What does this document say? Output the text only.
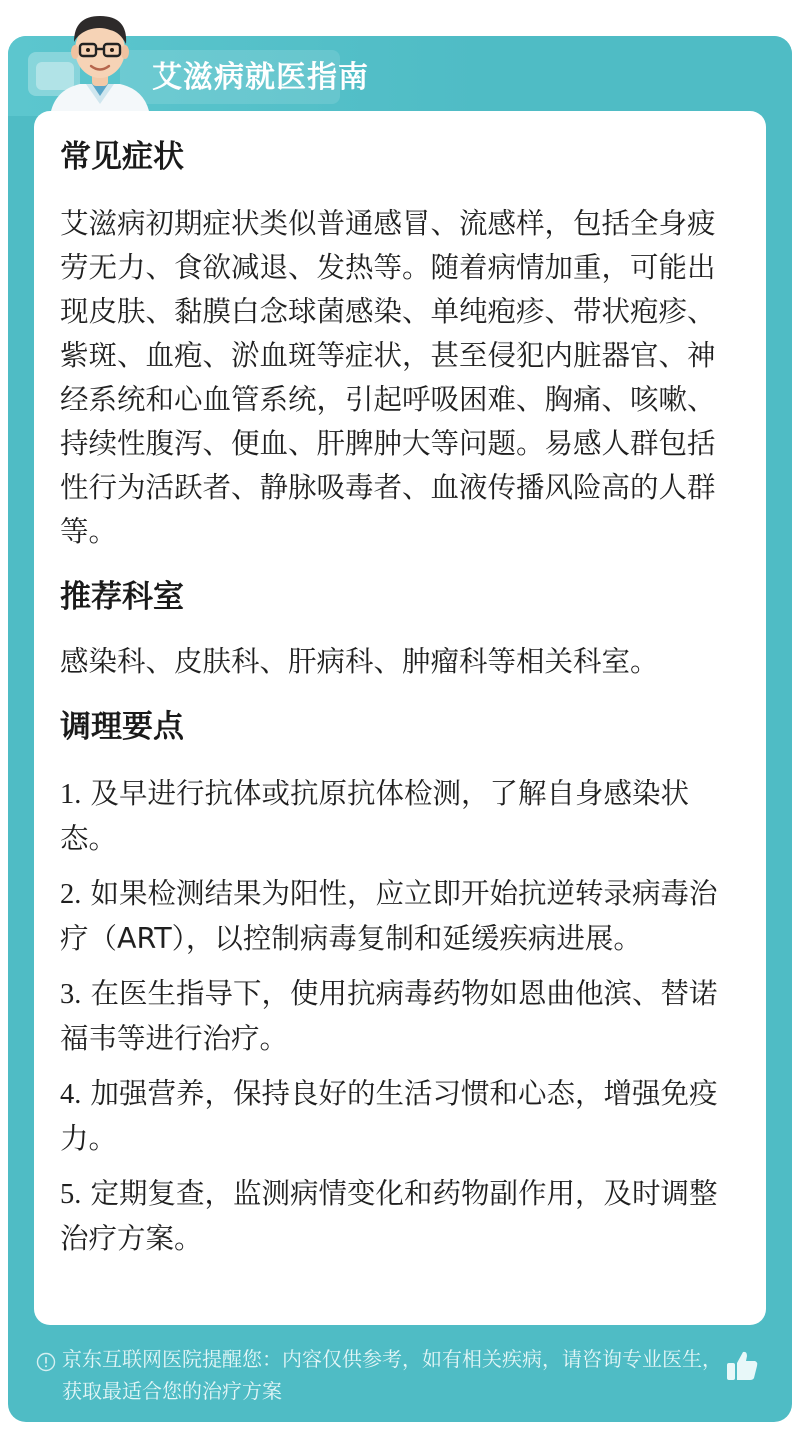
艾滋病就医指南
常见症状

艾滋病初期症状类似普通感冒、流感样，包括全身疲劳无力、食欲减退、发热等。随着病情加重，可能出现皮肤、黏膜白念球菌感染、单纯疱疹、带状疱疹、紫斑、血疱、淤血斑等症状，甚至侵犯内脏器官、神经系统和心血管系统，引起呼吸困难、胸痛、咳嗽、持续性腹泻、便血、肝脾肿大等问题。易感人群包括性行为活跃者、静脉吸毒者、血液传播风险高的人群等。

推荐科室

感染科、皮肤科、肝病科、肿瘤科等相关科室。

调理要点

1. 及早进行抗体或抗原抗体检测，了解自身感染状态。

2. 如果检测结果为阳性，应立即开始抗逆转录病毒治疗（ART），以控制病毒复制和延缓疾病进展。

3. 在医生指导下，使用抗病毒药物如恩曲他滨、替诺福韦等进行治疗。

4. 加强营养，保持良好的生活习惯和心态，增强免疫力。

5. 定期复查，监测病情变化和药物副作用，及时调整治疗方案。

京东互联网医院提醒您：内容仅供参考，如有相关疾病，请咨询专业医生，获取最适合您的治疗方案
